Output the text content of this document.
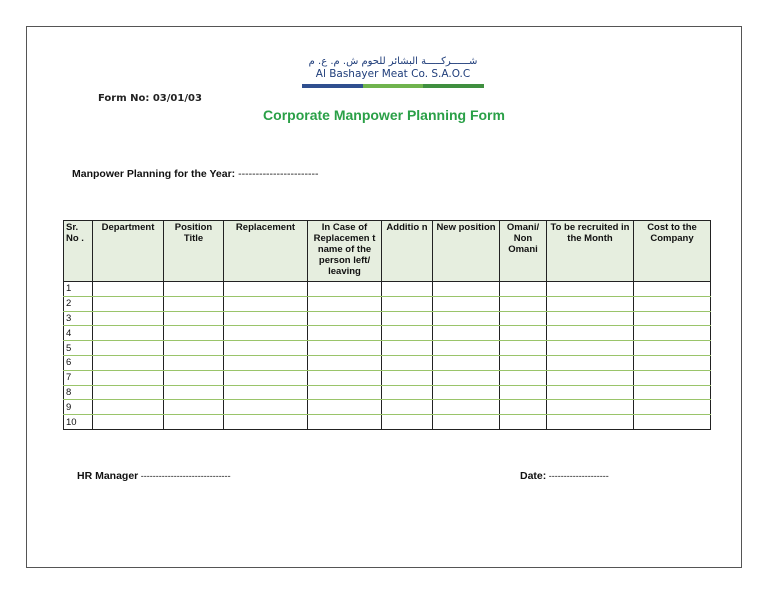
Form No: 03/01/03
شــــــركـــــة البشائر للحوم ش. م. ع. م
Al Bashayer Meat Co. S.A.O.C
Corporate Manpower Planning Form
Manpower Planning for the Year: -----------------------
Sr. No .	Department	Position Title	Replacement	In Case of Replacemen t name of the person left/ leaving	Additio n	New position	Omani/ Non Omani	To be recruited in the Month	Cost to the Company
1									
2									
3									
4									
5									
6									
7									
8									
9									
10									
HR Manager ------------------------------	Date: --------------------
